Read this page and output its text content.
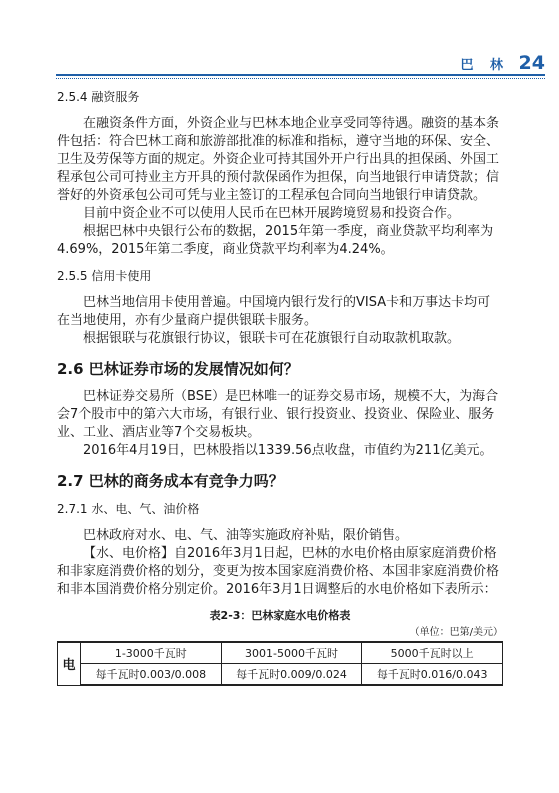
巴 林 24
2.5.4 融资服务

在融资条件方面，外资企业与巴林本地企业享受同等待遇。融资的基本条件包括：符合巴林工商和旅游部批准的标准和指标，遵守当地的环保、安全、卫生及劳保等方面的规定。外资企业可持其国外开户行出具的担保函、外国工程承包公司可持业主方开具的预付款保函作为担保，向当地银行申请贷款；信誉好的外资承包公司可凭与业主签订的工程承包合同向当地银行申请贷款。

目前中资企业不可以使用人民币在巴林开展跨境贸易和投资合作。

根据巴林中央银行公布的数据，2015年第一季度，商业贷款平均利率为4.69%，2015年第二季度，商业贷款平均利率为4.24%。

2.5.5 信用卡使用

巴林当地信用卡使用普遍。中国境内银行发行的VISA卡和万事达卡均可在当地使用，亦有少量商户提供银联卡服务。

根据银联与花旗银行协议，银联卡可在花旗银行自动取款机取款。

2.6 巴林证券市场的发展情况如何？

巴林证券交易所（BSE）是巴林唯一的证券交易市场，规模不大，为海合会7个股市中的第六大市场，有银行业、银行投资业、投资业、保险业、服务业、工业、酒店业等7个交易板块。

2016年4月19日，巴林股指以1339.56点收盘，市值约为211亿美元。

2.7 巴林的商务成本有竞争力吗？
2.7.1 水、电、气、油价格

巴林政府对水、电、气、油等实施政府补贴，限价销售。

【水、电价格】自2016年3月1日起，巴林的水电价格由原家庭消费价格和非家庭消费价格的划分，变更为按本国家庭消费价格、本国非家庭消费价格和非本国消费价格分别定价。2016年3月1日调整后的水电价格如下表所示：

表2-3：巴林家庭水电价格表
（单位：巴第/美元）
电	1-3000千瓦时	3001-5000千瓦时	5000千瓦时以上
	每千瓦时0.003/0.008	每千瓦时0.009/0.024	每千瓦时0.016/0.043
